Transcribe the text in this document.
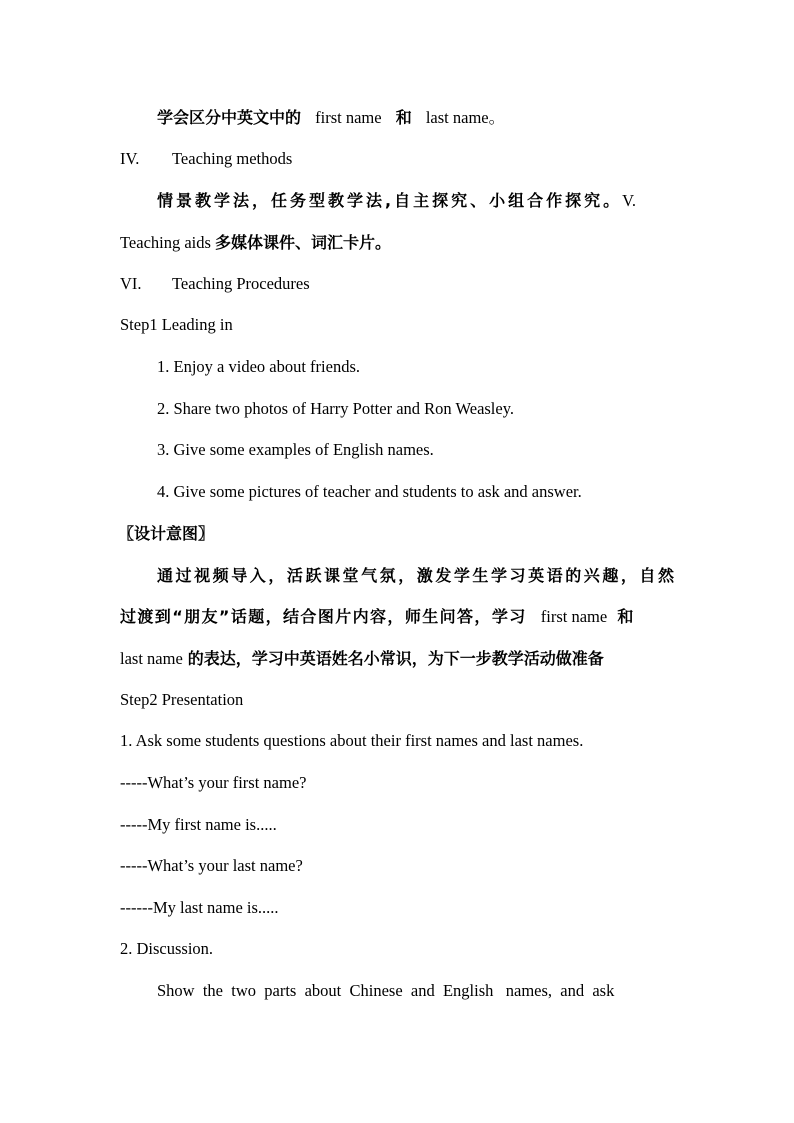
学会区分中英文中的 first name 和 last name。
IV. Teaching methods
情景教学法，任务型教学法,自主探究、小组合作探究。V.
Teaching aids 多媒体课件、词汇卡片。
VI. Teaching Procedures
Step1 Leading in
1. Enjoy a video about friends.
2. Share two photos of Harry Potter and Ron Weasley.
3. Give some examples of English names.
4. Give some pictures of teacher and students to ask and answer.
〖设计意图〗
通过视频导入，活跃课堂气氛，激发学生学习英语的兴趣，自然
过渡到“朋友”话题，结合图片内容，师生问答，学习 first name 和
last name 的表达，学习中英语姓名小常识，为下一步教学活动做准备
Step2 Presentation
1. Ask some students questions about their first names and last names.
-----What’s your first name?
-----My first name is.....
-----What’s your last name?
------My last name is.....
2. Discussion.
Show  the  two  parts  about  Chinese  and  English   names,  and  ask
